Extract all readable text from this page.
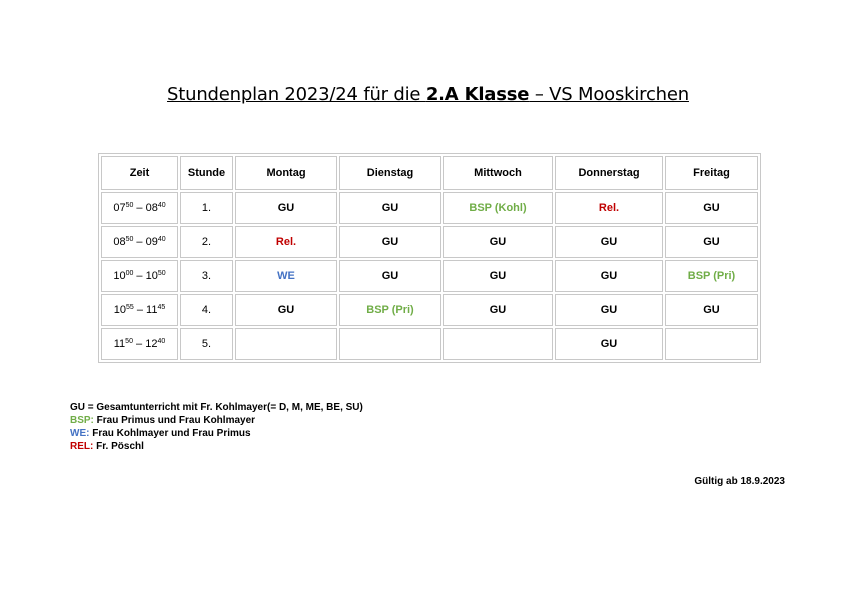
Stundenplan 2023/24 für die 2.A Klasse – VS Mooskirchen
Zeit	Stunde	Montag	Dienstag	Mittwoch	Donnerstag	Freitag
$07^{50} - 08^{40}$	1.	GU	GU	BSP (Kohl)	Rel.	GU
$08^{50} - 09^{40}$	2.	Rel.	GU	GU	GU	GU
$10^{00} - 10^{50}$	3.	WE	GU	GU	GU	BSP (Pri)
$10^{55} - 11^{45}$	4.	GU	BSP (Pri)	GU	GU	GU
$11^{50} - 12^{40}$	5.				GU	
GU = Gesamtunterricht mit Fr. Kohlmayer(= D, M, ME, BE, SU)
BSP: Frau Primus und Frau Kohlmayer
WE: Frau Kohlmayer und Frau Primus
REL: Fr. Pöschl
Gültig ab 18.9.2023
